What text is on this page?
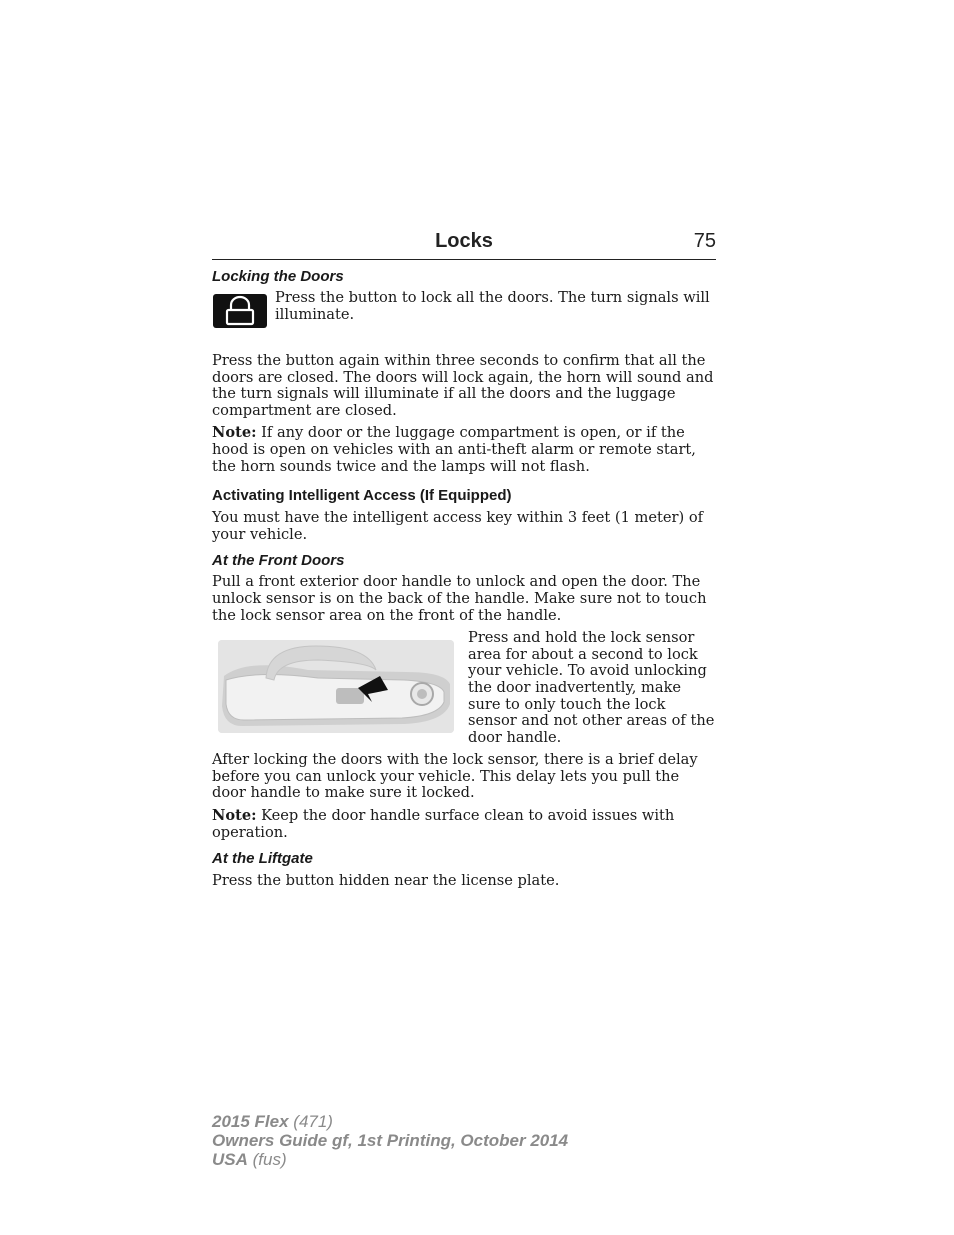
Locks	75
Locking the Doors

Press the button to lock all the doors. The turn signals will illuminate.

Press the button again within three seconds to confirm that all the doors are closed. The doors will lock again, the horn will sound and the turn signals will illuminate if all the doors and the luggage compartment are closed.

Note: If any door or the luggage compartment is open, or if the hood is open on vehicles with an anti-theft alarm or remote start, the horn sounds twice and the lamps will not flash.

Activating Intelligent Access (If Equipped)

You must have the intelligent access key within 3 feet (1 meter) of your vehicle.

At the Front Doors

Pull a front exterior door handle to unlock and open the door. The unlock sensor is on the back of the handle. Make sure not to touch the lock sensor area on the front of the handle.

Press and hold the lock sensor area for about a second to lock your vehicle. To avoid unlocking the door inadvertently, make sure to only touch the lock sensor and not other areas of the door handle.

After locking the doors with the lock sensor, there is a brief delay before you can unlock your vehicle. This delay lets you pull the door handle to make sure it locked.

Note: Keep the door handle surface clean to avoid issues with operation.

At the Liftgate

Press the button hidden near the license plate.

2015 Flex (471)
Owners Guide gf, 1st Printing, October 2014
USA (fus)
